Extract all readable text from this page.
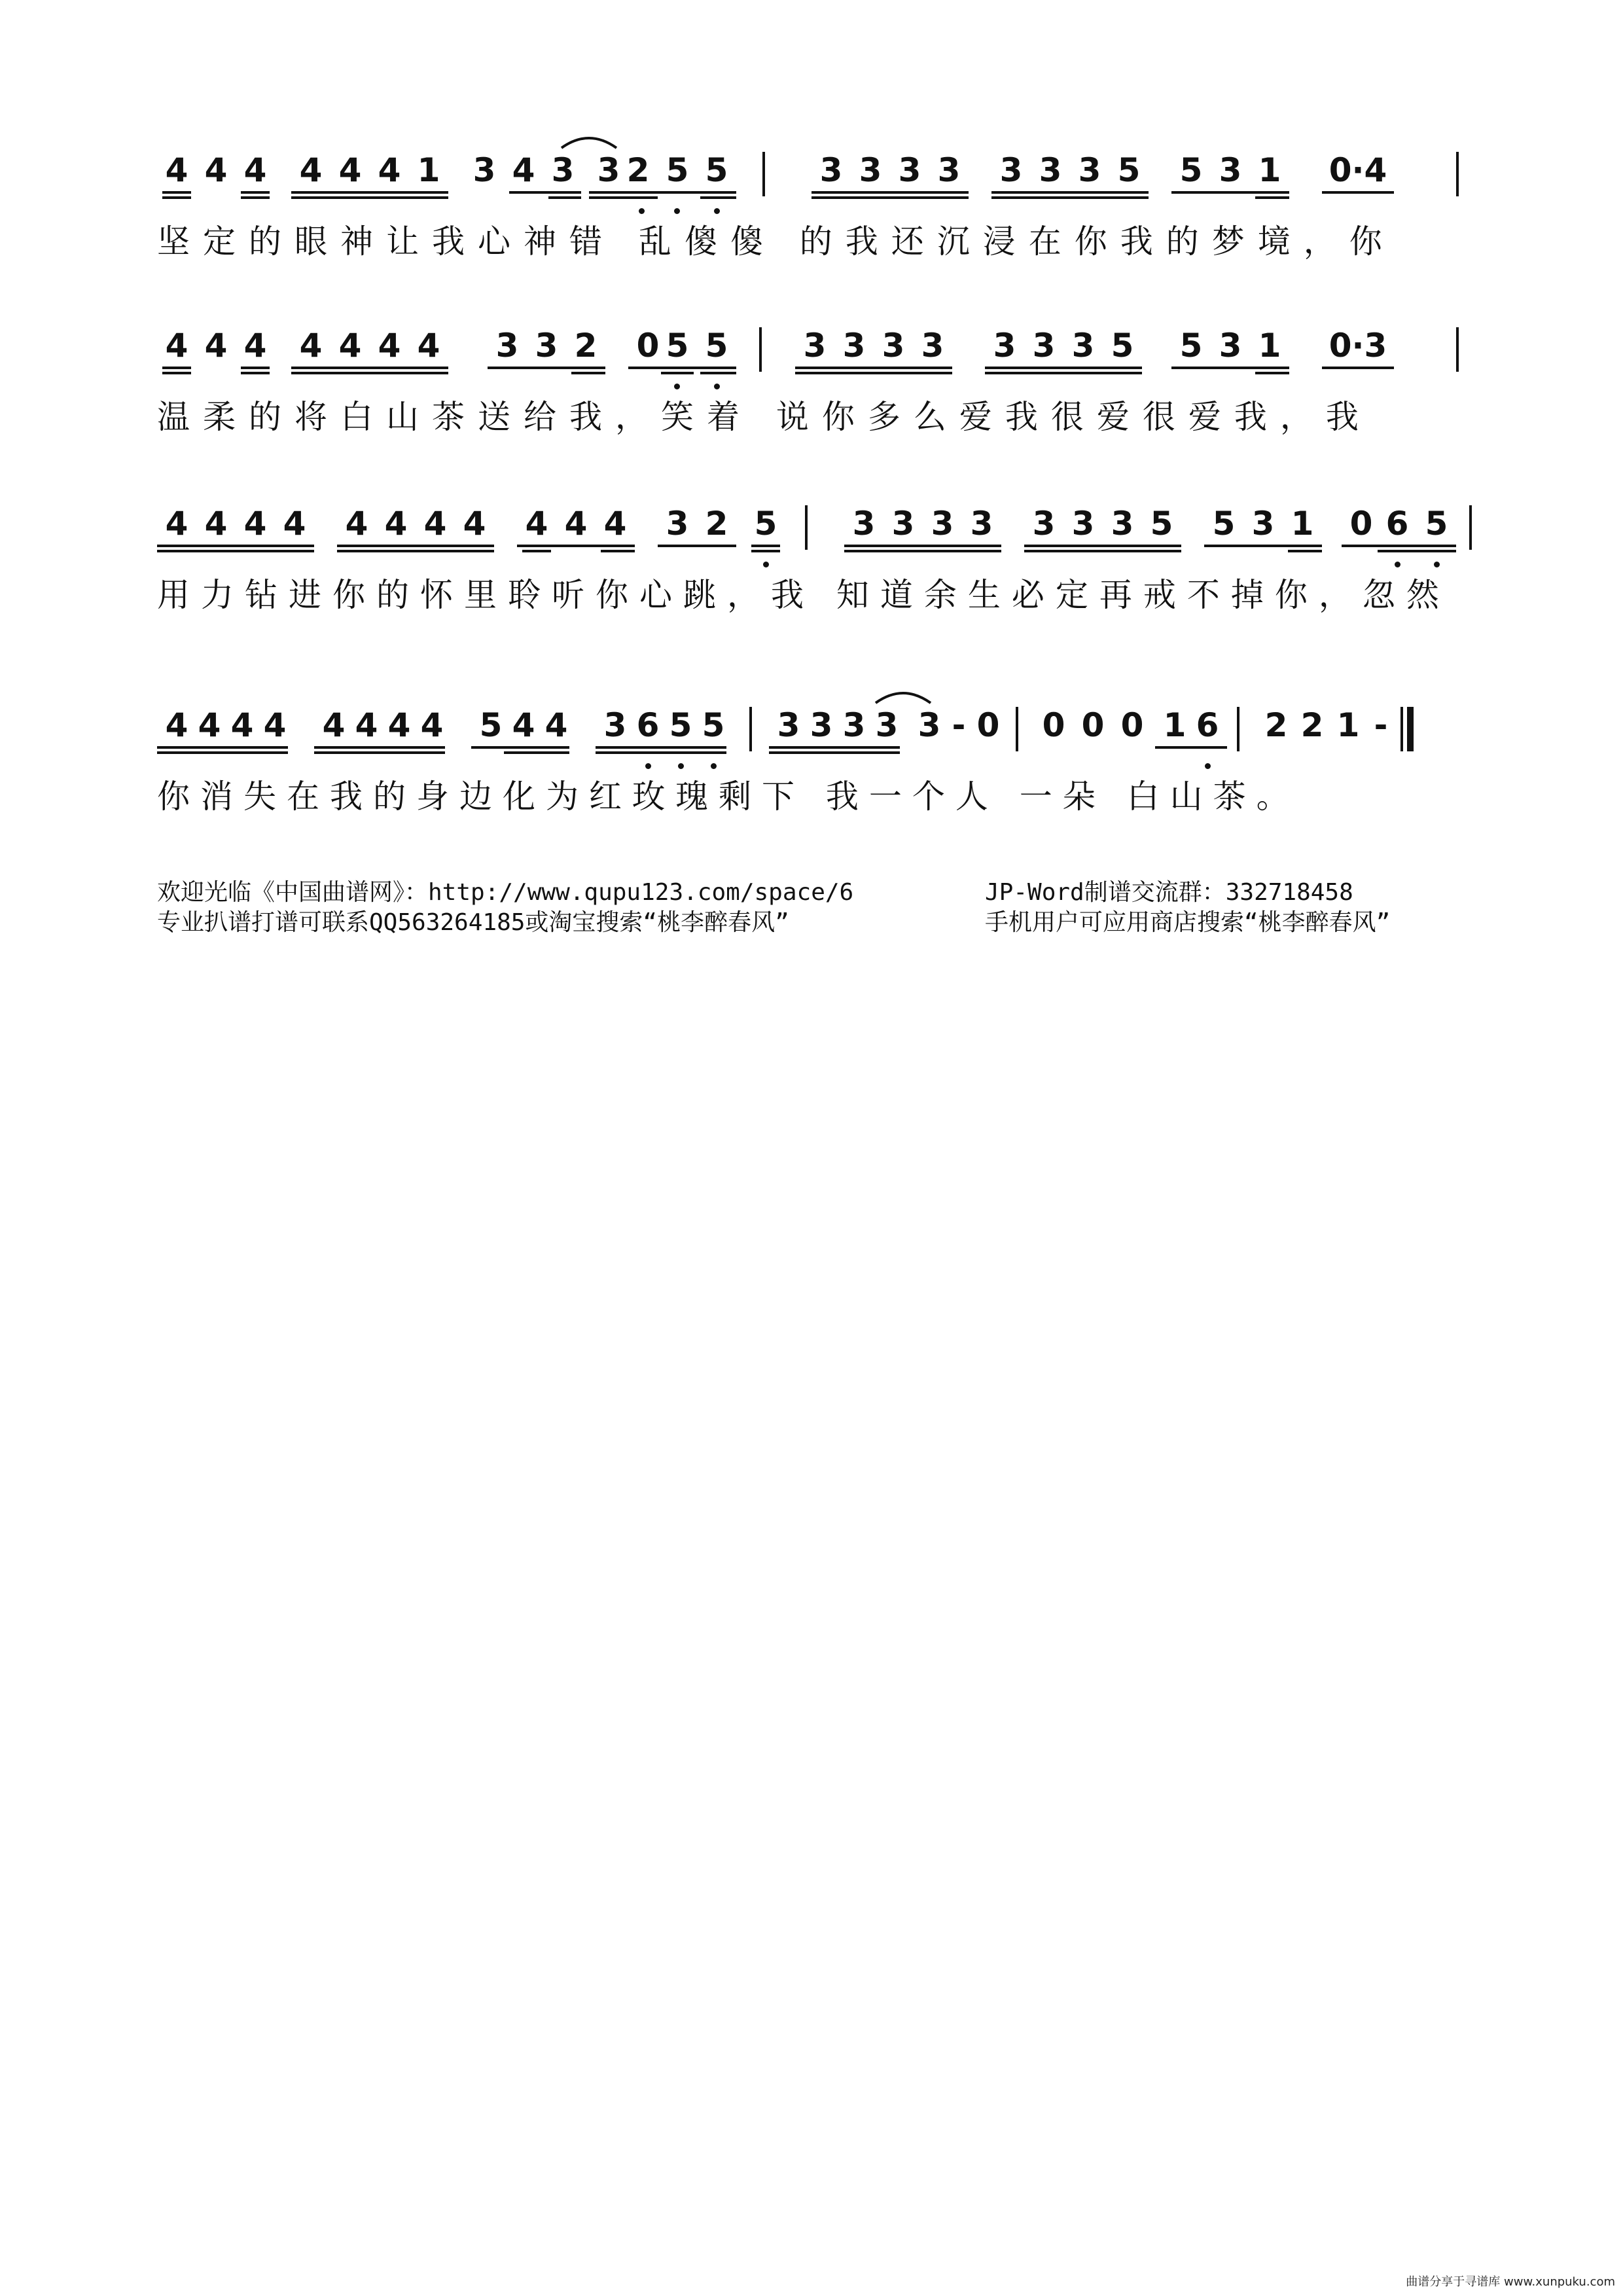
4 4 4 4 4 4 1 3 4 3 3 2 5 5	3 3 3 3 3 3 3 5 5 3 1 0·4
坚定的眼神让我心神错 乱傻傻 的我还沉浸在你我的梦境，你
4 4 4 4 4 4 4 3 3 2 0 5 5 3 3 3 3 3 3 3 5 5 3 1 0·3
温柔的将白山茶送给我，笑着 说你多么爱我很爱很爱我，我
4 4 4 4 4 4 4 4 4 4 4 3 2 5 3 3 3 3 3 3 3 5 5 3 1 0 6 5
用力钻进你的怀里聆听你心跳，我 知道余生必定再戒不掉你，忽然
4 4 4 4 4 4 4 4 5 4 4 3 6 5 5 3 3 3 3 3 - 0 0 0 0 1 6 2 2 1 -
你消失在我的身边化为红玫瑰剩下 我一个人 一朵 白山茶。
欢迎光临《中国曲谱网》：http://www.qupu123.com/space/6	JP-Word制谱交流群：332718458
专业扒谱打谱可联系QQ563264185或淘宝搜索“桃李醉春风”	手机用户可应用商店搜索“桃李醉春风”
曲谱分享于寻谱库 www.xunpuku.com
